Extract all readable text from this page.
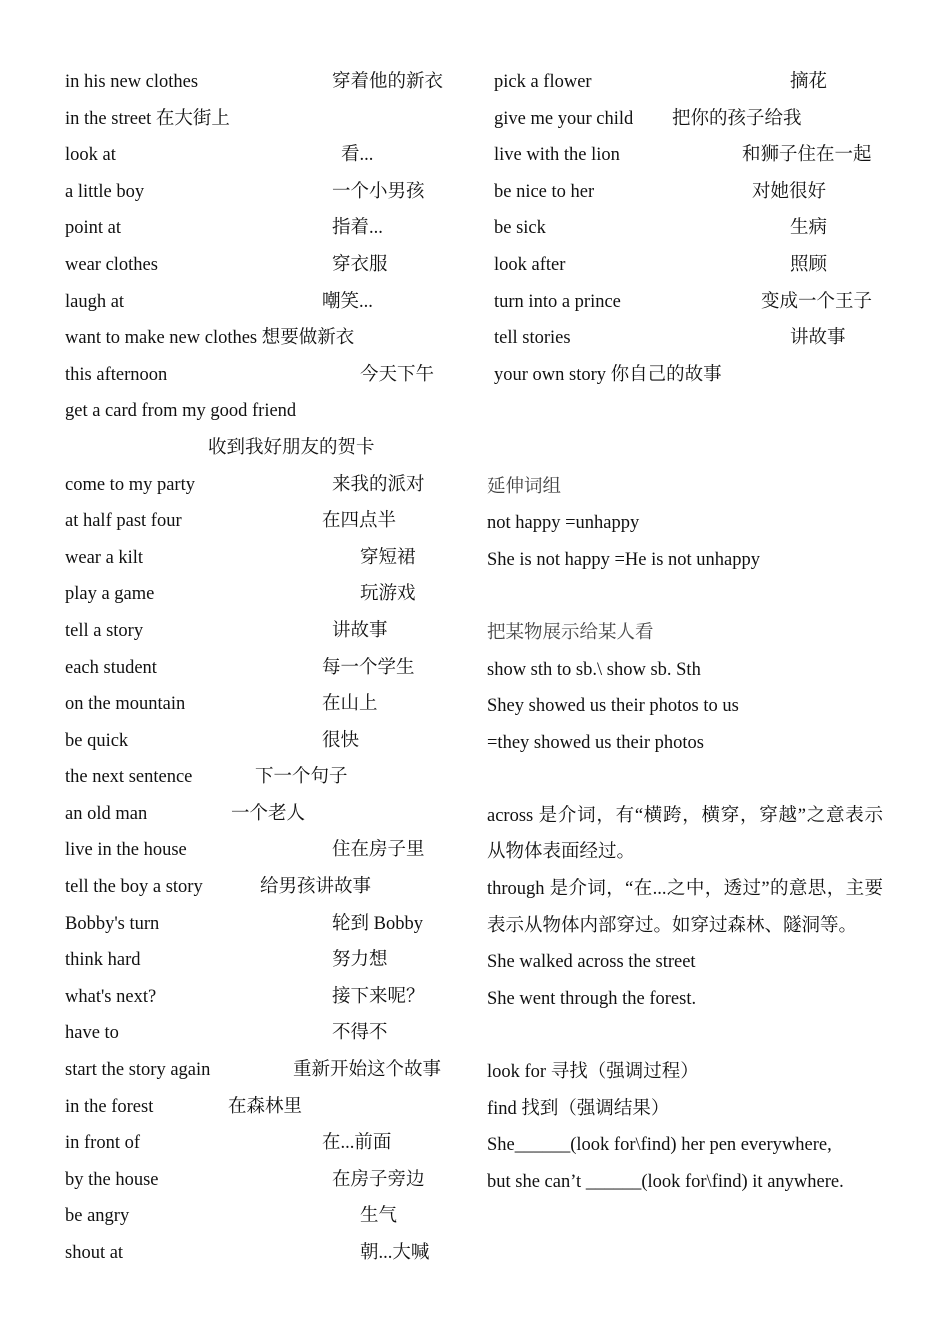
in his new clothes	穿着他的新衣
in the street 在大街上
look at	看...
a little boy	一个小男孩
point at	指着...
wear clothes	穿衣服
laugh at	嘲笑...
want to make new clothes 想要做新衣
this afternoon	今天下午
get a card from my good friend
收到我好朋友的贺卡
come to my party	来我的派对
at half past four	在四点半
wear a kilt	穿短裙
play a game	玩游戏
tell a story	讲故事
each student	每一个学生
on the mountain	在山上
be quick	很快
the next sentence	下一个句子
an old man	一个老人
live in the house	住在房子里
tell the boy a story	给男孩讲故事
Bobby's turn	轮到 Bobby
think hard	努力想
what's next?	接下来呢？
have to	不得不
start the story again	重新开始这个故事
in the forest	在森林里
in front of	在...前面
by the house	在房子旁边
be angry	生气
shout at	朝...大喊
pick a flower	摘花
give me your child 把你的孩子给我
live with the lion	和狮子住在一起
be nice to her	对她很好
be sick	生病
look after	照顾
turn into a prince	变成一个王子
tell stories	讲故事
your own story 你自己的故事
延伸词组
not happy =unhappy
She is not happy =He is not unhappy
把某物展示给某人看
show sth to sb.\ show sb. Sth
Shey showed us their photos to us
=they showed us their photos
across 是介词，有“横跨，横穿，穿越”之意表示从物体表面经过。
through 是介词，“在...之中，透过”的意思，主要表示从物体内部穿过。如穿过森林、隧洞等。
She walked across the street
She went through the forest.
look for 寻找（强调过程）
find 找到（强调结果）
She______(look for\find) her pen everywhere,
but she can’t ______(look for\find) it anywhere.
